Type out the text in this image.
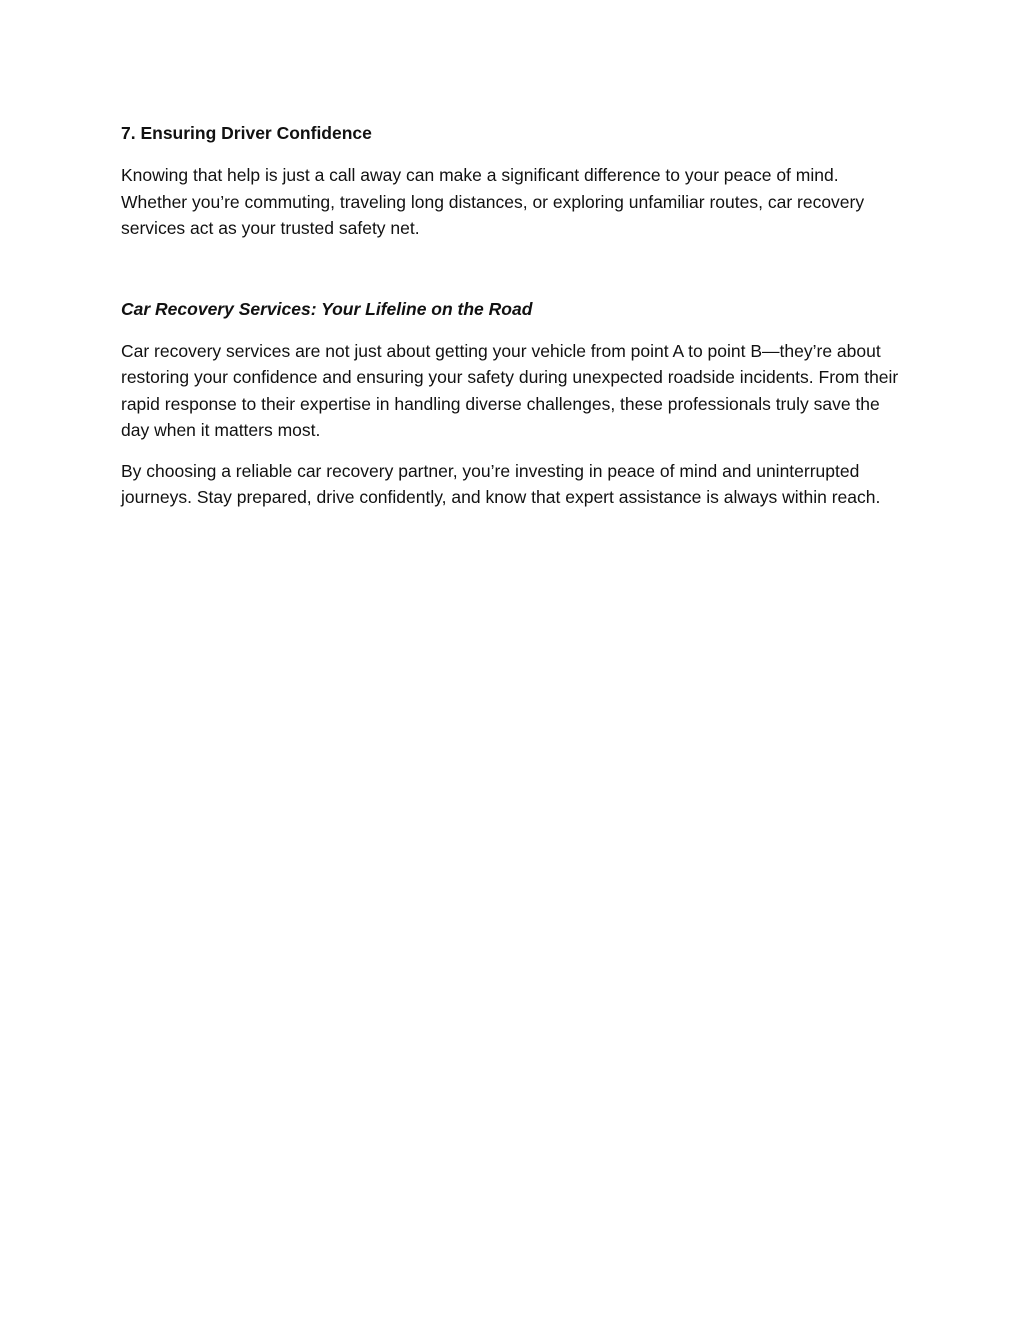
7. Ensuring Driver Confidence

Knowing that help is just a call away can make a significant difference to your peace of mind. Whether you’re commuting, traveling long distances, or exploring unfamiliar routes, car recovery services act as your trusted safety net.

Car Recovery Services: Your Lifeline on the Road

Car recovery services are not just about getting your vehicle from point A to point B—they’re about restoring your confidence and ensuring your safety during unexpected roadside incidents. From their rapid response to their expertise in handling diverse challenges, these professionals truly save the day when it matters most.

By choosing a reliable car recovery partner, you’re investing in peace of mind and uninterrupted journeys. Stay prepared, drive confidently, and know that expert assistance is always within reach.
